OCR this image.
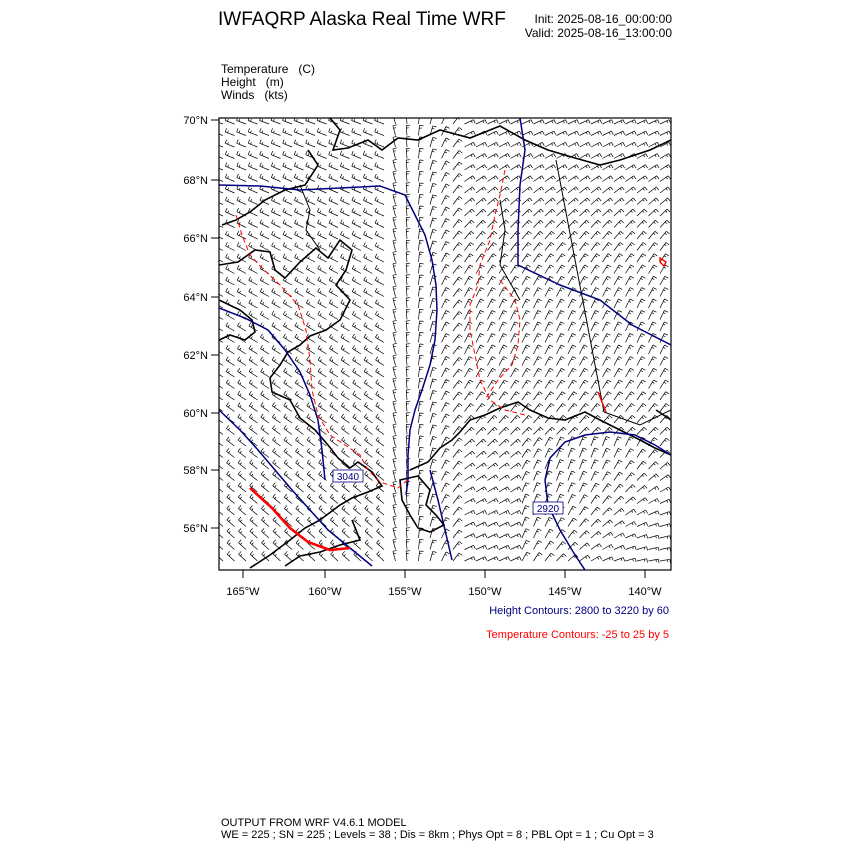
IWFAQRP Alaska Real Time WRF	Init: 2025-08-16_00:00:00
Valid: 2025-08-16_13:00:00
Temperature (C)
Height (m)
Winds (kts)
3040
2920
70°N
68°N
66°N
64°N
62°N
60°N
58°N
56°N
165°W	160°W	155°W	150°W	145°W	140°W
Height Contours: 2800 to 3220 by 60
Temperature Contours: -25 to 25 by 5
OUTPUT FROM WRF V4.6.1 MODEL
WE = 225 ; SN = 225 ; Levels = 38 ; Dis = 8km ; Phys Opt = 8 ; PBL Opt = 1 ; Cu Opt = 3
